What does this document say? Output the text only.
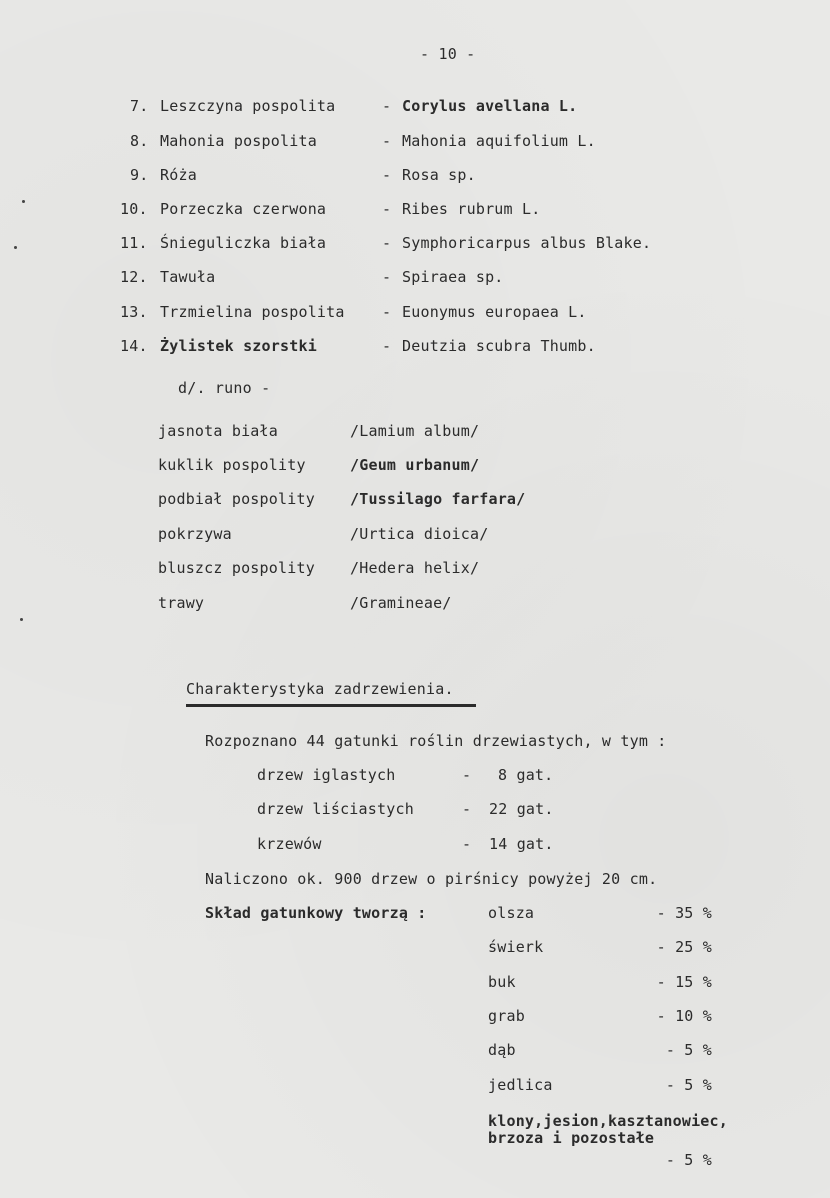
- 10 -
7. Leszczyna pospolita	- Corylus avellana L.
8. Mahonia pospolita	- Mahonia aquifolium L.
9. Róża	- Rosa sp.
10. Porzeczka czerwona	- Ribes rubrum L.
11. Śnieguliczka biała	- Symphoricarpus albus Blake.
12. Tawuła	- Spiraea sp.
13. Trzmielina pospolita - Euonymus europaea L.
14. Żylistek szorstki	- Deutzia scubra Thumb.
d/. runo -
jasnota biała	/Lamium album/
kuklik pospolity	/Geum urbanum/
podbiał pospolity /Tussilago farfara/
pokrzywa	/Urtica dioica/
bluszcz pospolity /Hedera helix/
trawy	/Gramineae/
Charakterystyka zadrzewienia.
Rozpoznano 44 gatunki roślin drzewiastych, w tym :
drzew iglastych	- 8 gat.
drzew liściastych	- 22 gat.
krzewów	- 14 gat.
Naliczono ok. 900 drzew o pirśnicy powyżej 20 cm.
Skład gatunkowy tworzą :	olsza	- 35 %
świerk	- 25 %
buk	- 15 %
grab	- 10 %
dąb	- 5 %
jedlica	- 5 %
klony,jesion,kasztanowiec,
brzoza i pozostałe
- 5 %
